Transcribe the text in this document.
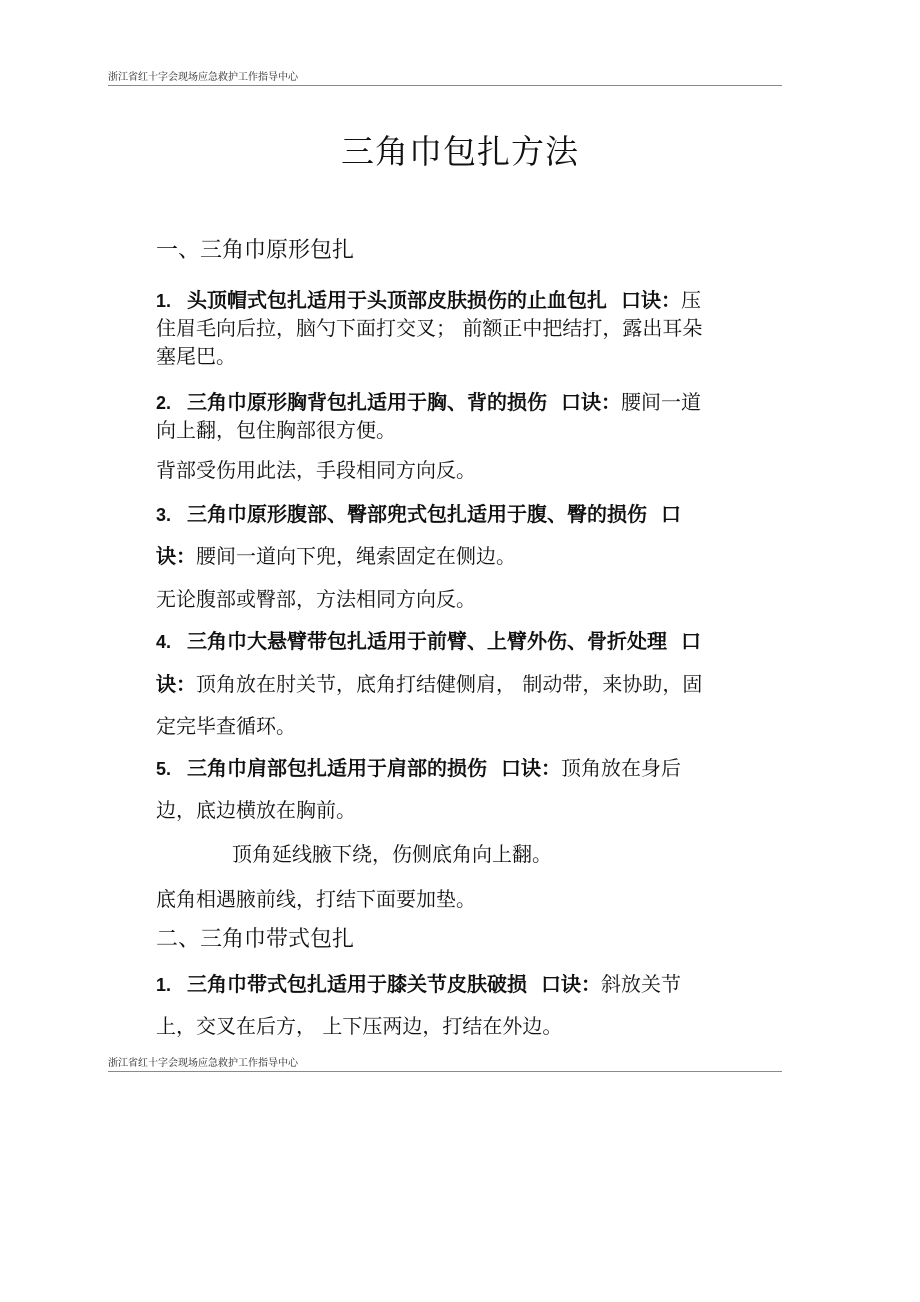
浙江省红十字会现场应急救护工作指导中心
三角巾包扎方法
一、三角巾原形包扎
1. 头顶帽式包扎适用于头顶部皮肤损伤的止血包扎 口诀：压
住眉毛向后拉，脑勺下面打交叉； 前额正中把结打，露出耳朵
塞尾巴。
2. 三角巾原形胸背包扎适用于胸、背的损伤 口诀：腰间一道
向上翻，包住胸部很方便。
背部受伤用此法，手段相同方向反。
3. 三角巾原形腹部、臀部兜式包扎适用于腹、臀的损伤 口
诀：腰间一道向下兜，绳索固定在侧边。
无论腹部或臀部，方法相同方向反。
4. 三角巾大悬臂带包扎适用于前臂、上臂外伤、骨折处理 口
诀：顶角放在肘关节，底角打结健侧肩， 制动带，来协助，固
定完毕查循环。
5. 三角巾肩部包扎适用于肩部的损伤 口诀：顶角放在身后
边，底边横放在胸前。
顶角延线腋下绕，伤侧底角向上翻。
底角相遇腋前线，打结下面要加垫。
二、三角巾带式包扎
1. 三角巾带式包扎适用于膝关节皮肤破损 口诀：斜放关节
上，交叉在后方， 上下压两边，打结在外边。
浙江省红十字会现场应急救护工作指导中心
